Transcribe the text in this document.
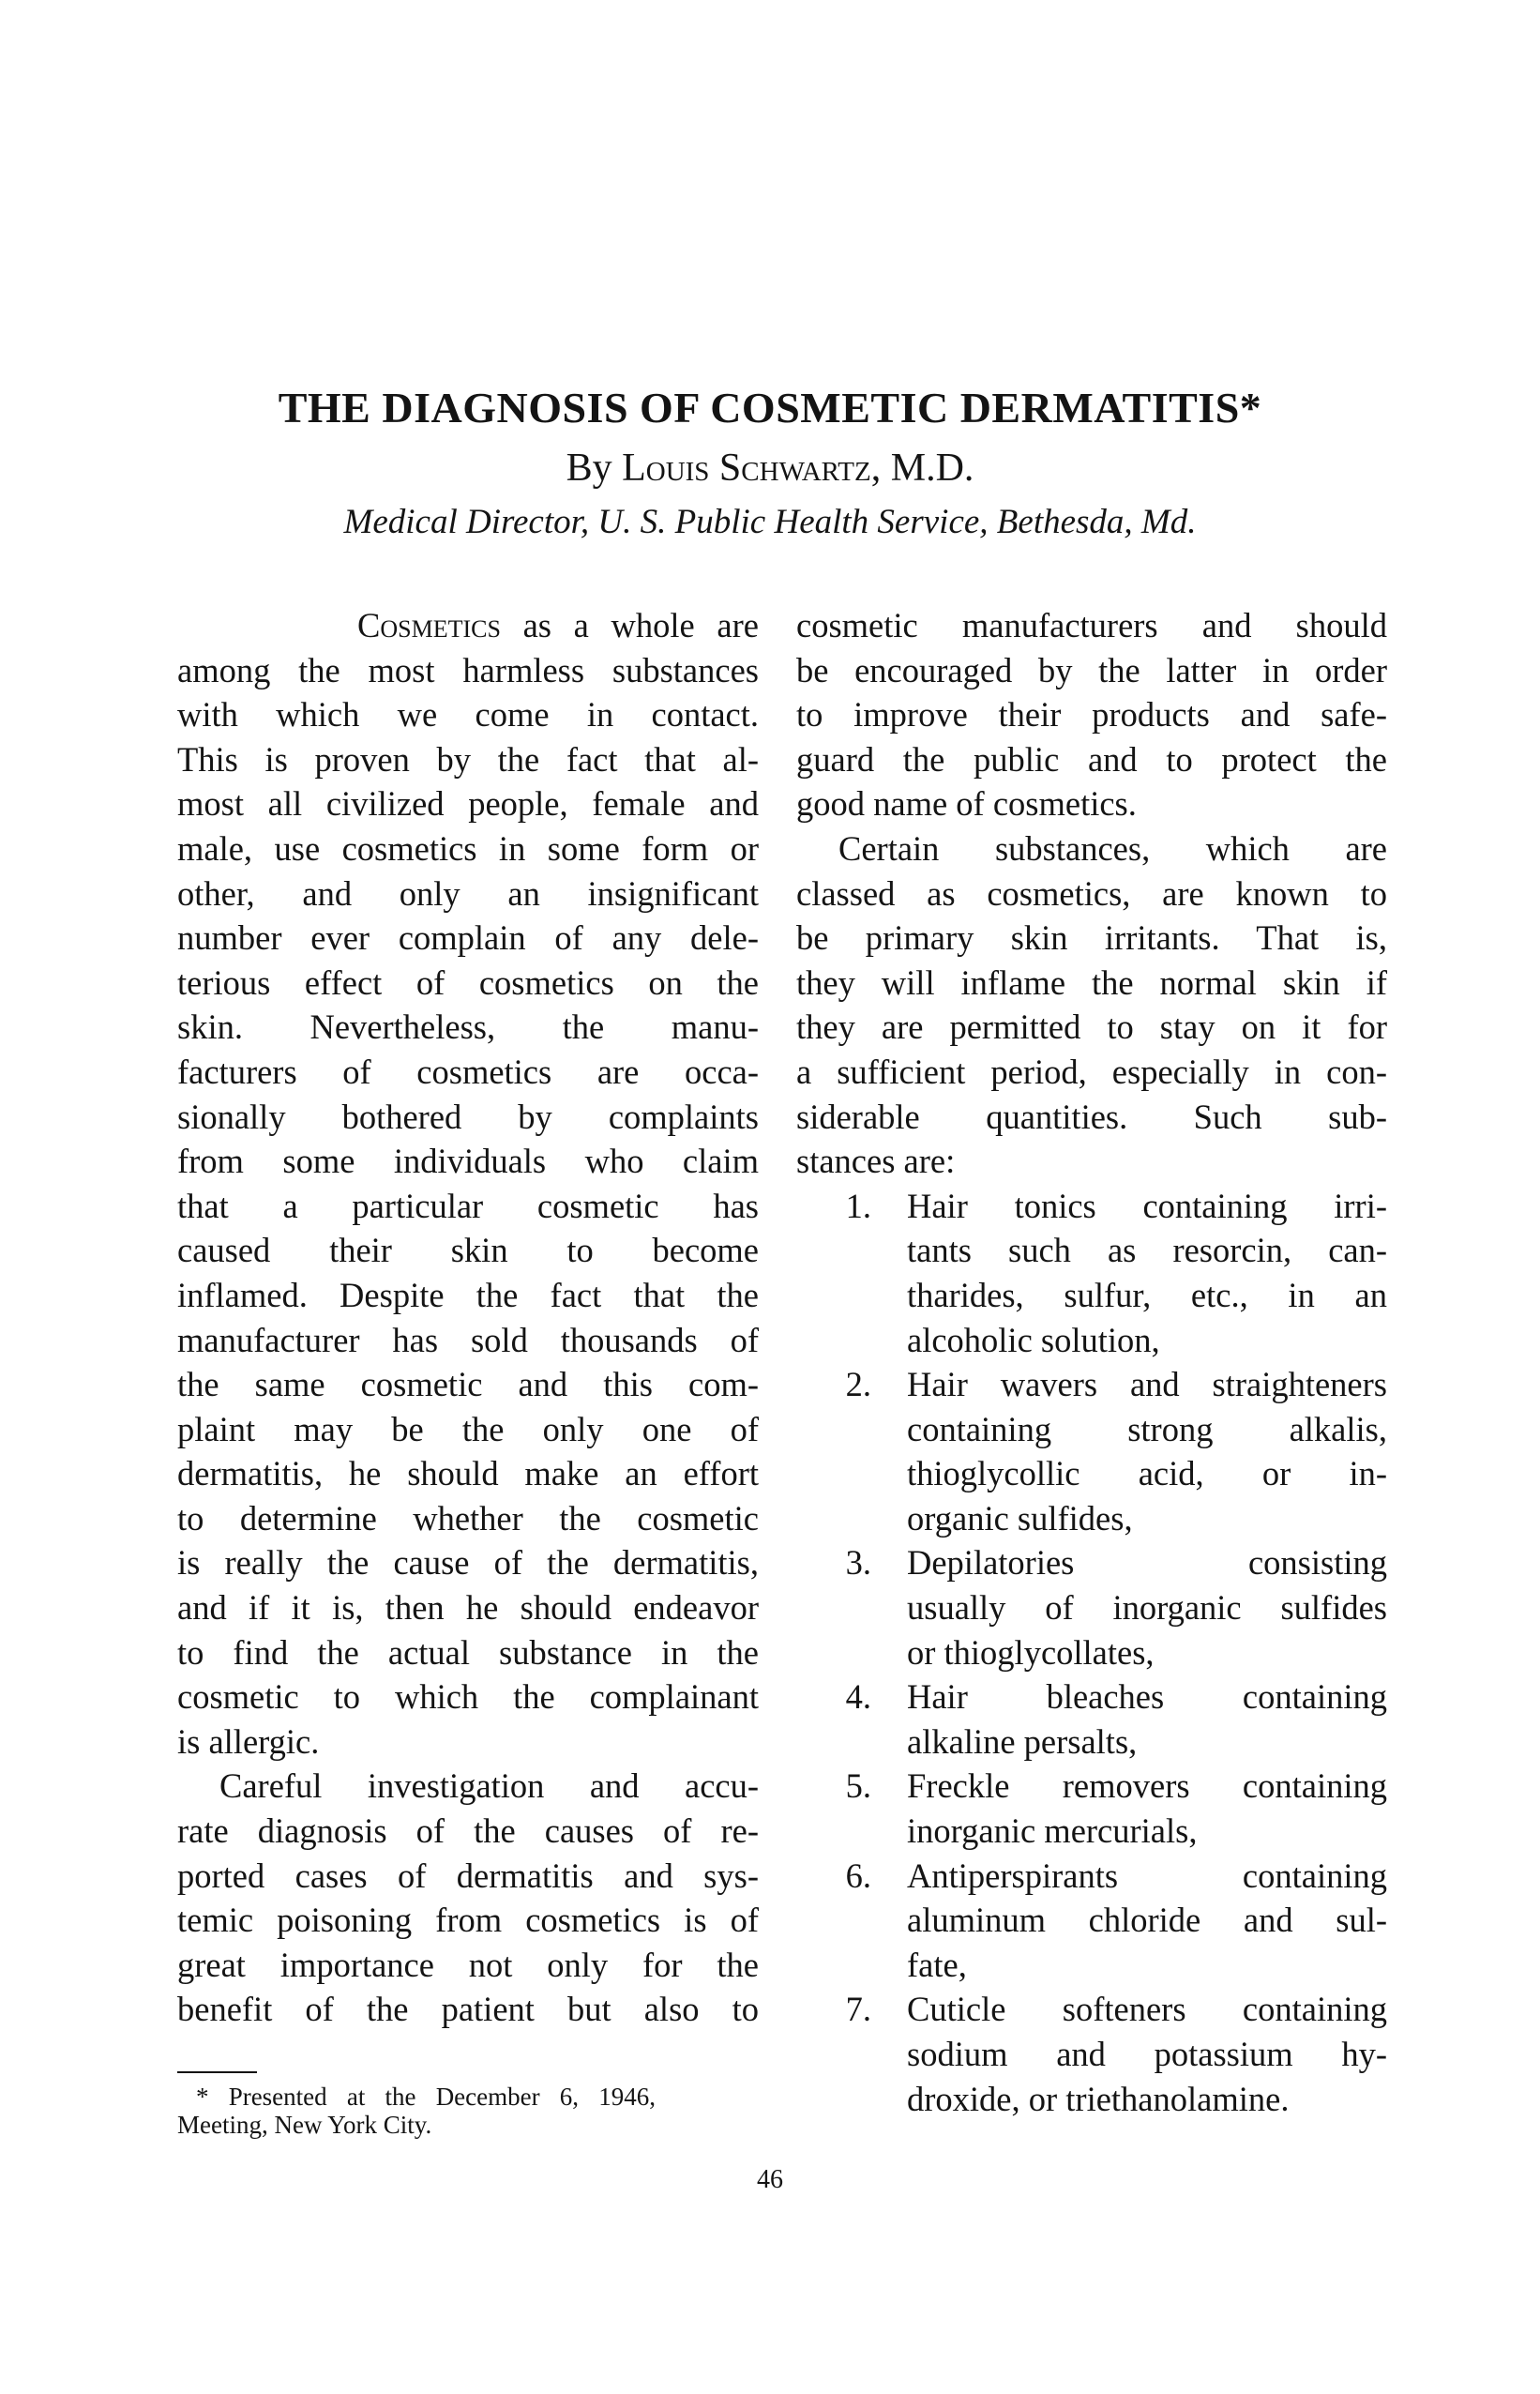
THE DIAGNOSIS OF COSMETIC DERMATITIS*
By Louis Schwartz, M.D.
Medical Director, U. S. Public Health Service, Bethesda, Md.
Cosmetics as a whole are
among the most harmless substances
with which we come in contact.
This is proven by the fact that al-
most all civilized people, female and
male, use cosmetics in some form or
other, and only an insignificant
number ever complain of any dele-
terious effect of cosmetics on the
skin. Nevertheless, the manu-
facturers of cosmetics are occa-
sionally bothered by complaints
from some individuals who claim
that a particular cosmetic has
caused their skin to become
inflamed. Despite the fact that the
manufacturer has sold thousands of
the same cosmetic and this com-
plaint may be the only one of
dermatitis, he should make an effort
to determine whether the cosmetic
is really the cause of the dermatitis,
and if it is, then he should endeavor
to find the actual substance in the
cosmetic to which the complainant
is allergic.
Careful investigation and accu-
rate diagnosis of the causes of re-
ported cases of dermatitis and sys-
temic poisoning from cosmetics is of
great importance not only for the
benefit of the patient but also to
cosmetic manufacturers and should
be encouraged by the latter in order
to improve their products and safe-
guard the public and to protect the
good name of cosmetics.
Certain substances, which are
classed as cosmetics, are known to
be primary skin irritants. That is,
they will inflame the normal skin if
they are permitted to stay on it for
a sufficient period, especially in con-
siderable quantities. Such sub-
stances are:
1. Hair tonics containing irri-
tants such as resorcin, can-
tharides, sulfur, etc., in an
alcoholic solution,
2. Hair wavers and straighteners
containing strong alkalis,
thioglycollic acid, or in-
organic sulfides,
3. Depilatories consisting
usually of inorganic sulfides
or thioglycollates,
4. Hair bleaches containing
alkaline persalts,
5. Freckle removers containing
inorganic mercurials,
6. Antiperspirants containing
aluminum chloride and sul-
fate,
7. Cuticle softeners containing
sodium and potassium hy-
droxide, or triethanolamine.
* Presented at the December 6, 1946,
Meeting, New York City.
46
